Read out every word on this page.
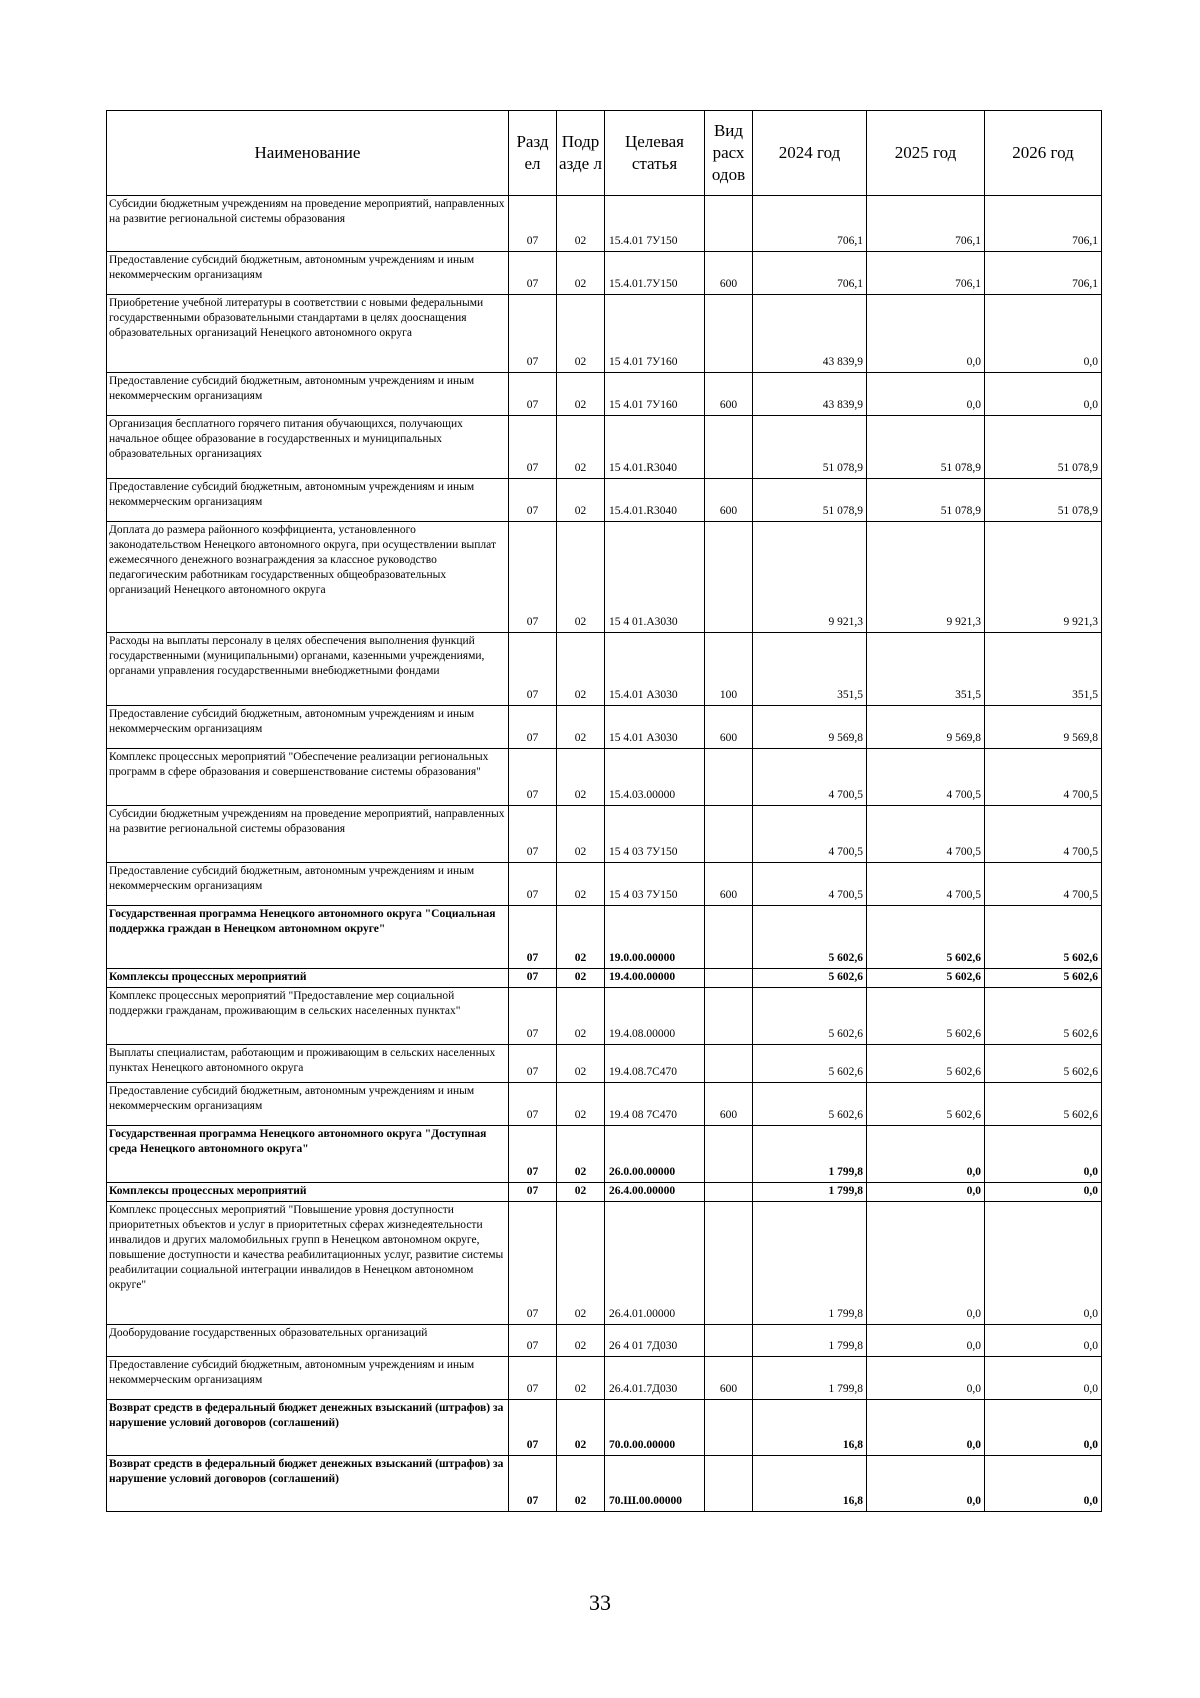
Наименование	Разд ел	Подр азде л	Целевая статья	Вид расх одов	2024 год	2025 год	2026 год
Субсидии бюджетным учреждениям на проведение мероприятий, направленных на развитие региональной системы образования	07	02	15.4.01 7У150		706,1	706,1	706,1
Предоставление субсидий бюджетным, автономным учреждениям и иным некоммерческим организациям	07	02	15.4.01.7У150	600	706,1	706,1	706,1
Приобретение учебной литературы в соответствии с новыми федеральными государственными образовательными стандартами в целях дооснащения образовательных организаций Ненецкого автономного округа	07	02	15 4.01 7У160		43 839,9	0,0	0,0
Предоставление субсидий бюджетным, автономным учреждениям и иным некоммерческим организациям	07	02	15 4.01 7У160	600	43 839,9	0,0	0,0
Организация бесплатного горячего питания обучающихся, получающих начальное общее образование в государственных и муниципальных образовательных организациях	07	02	15 4.01.R3040		51 078,9	51 078,9	51 078,9
Предоставление субсидий бюджетным, автономным учреждениям и иным некоммерческим организациям	07	02	15.4.01.R3040	600	51 078,9	51 078,9	51 078,9
Доплата до размера районного коэффициента, установленного законодательством Ненецкого автономного округа, при осуществлении выплат ежемесячного денежного вознаграждения за классное руководство педагогическим работникам государственных общеобразовательных организаций Ненецкого автономного округа	07	02	15 4 01.А3030		9 921,3	9 921,3	9 921,3
Расходы на выплаты персоналу в целях обеспечения выполнения функций государственными (муниципальными) органами, казенными учреждениями, органами управления государственными внебюджетными фондами	07	02	15.4.01 А3030	100	351,5	351,5	351,5
Предоставление субсидий бюджетным, автономным учреждениям и иным некоммерческим организациям	07	02	15 4.01 А3030	600	9 569,8	9 569,8	9 569,8
Комплекс процессных мероприятий "Обеспечение реализации региональных программ в сфере образования и совершенствование системы образования"	07	02	15.4.03.00000		4 700,5	4 700,5	4 700,5
Субсидии бюджетным учреждениям на проведение мероприятий, направленных на развитие региональной системы образования	07	02	15 4 03 7У150		4 700,5	4 700,5	4 700,5
Предоставление субсидий бюджетным, автономным учреждениям и иным некоммерческим организациям	07	02	15 4 03 7У150	600	4 700,5	4 700,5	4 700,5
Государственная программа Ненецкого автономного округа "Социальная поддержка граждан в Ненецком автономном округе"	07	02	19.0.00.00000		5 602,6	5 602,6	5 602,6
Комплексы процессных мероприятий	07	02	19.4.00.00000		5 602,6	5 602,6	5 602,6
Комплекс процессных мероприятий "Предоставление мер социальной поддержки гражданам, проживающим в сельских населенных пунктах"	07	02	19.4.08.00000		5 602,6	5 602,6	5 602,6
Выплаты специалистам, работающим и проживающим в сельских населенных пунктах Ненецкого автономного округа	07	02	19.4.08.7С470		5 602,6	5 602,6	5 602,6
Предоставление субсидий бюджетным, автономным учреждениям и иным некоммерческим организациям	07	02	19.4 08 7С470	600	5 602,6	5 602,6	5 602,6
Государственная программа Ненецкого автономного округа "Доступная среда Ненецкого автономного округа"	07	02	26.0.00.00000		1 799,8	0,0	0,0
Комплексы процессных мероприятий	07	02	26.4.00.00000		1 799,8	0,0	0,0
Комплекс процессных мероприятий "Повышение уровня доступности приоритетных объектов и услуг в приоритетных сферах жизнедеятельности инвалидов и других маломобильных групп в Ненецком автономном округе, повышение доступности и качества реабилитационных услуг, развитие системы реабилитации социальной интеграции инвалидов в Ненецком автономном округе"	07	02	26.4.01.00000		1 799,8	0,0	0,0
Дооборудование государственных образовательных организаций	07	02	26 4 01 7Д030		1 799,8	0,0	0,0
Предоставление субсидий бюджетным, автономным учреждениям и иным некоммерческим организациям	07	02	26.4.01.7Д030	600	1 799,8	0,0	0,0
Возврат средств в федеральный бюджет денежных взысканий (штрафов) за нарушение условий договоров (соглашений)	07	02	70.0.00.00000		16,8	0,0	0,0
Возврат средств в федеральный бюджет денежных взысканий (штрафов) за нарушение условий договоров (соглашений)	07	02	70.Ш.00.00000		16,8	0,0	0,0
33
